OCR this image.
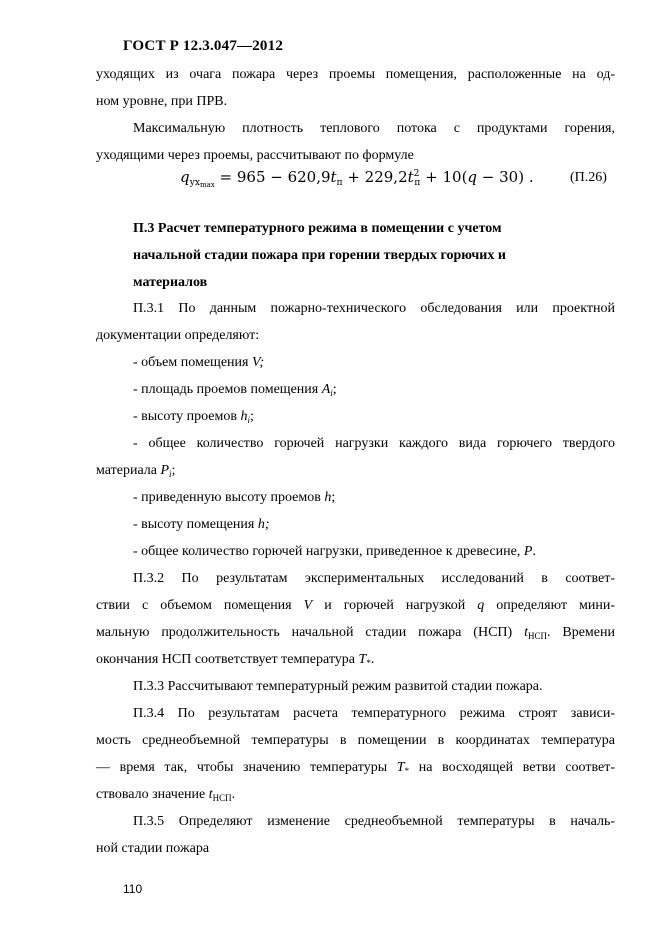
ГОСТ Р 12.3.047—2012
уходящих из очага пожара через проемы помещения, расположенные на од-
ном уровне, при ПРВ.
Максимальную плотность теплового потока с продуктами горения,
уходящими через проемы, рассчитывают по формуле
$q_{ух_{max}} = 965 - 620,9t_п + 229,2t^2_п + 10(q - 30)$ .	(П.26)
П.3 Расчет температурного режима в помещении с учетом
начальной стадии пожара при горении твердых горючих и
материалов
П.3.1 По данным пожарно-технического обследования или проектной
документации определяют:
- объем помещения V;
- площадь проемов помещения $A_i$;
- высоту проемов $h_i$;
- общее количество горючей нагрузки каждого вида горючего твердого
материала $P_i$;
- приведенную высоту проемов h;
- высоту помещения h;
- общее количество горючей нагрузки, приведенное к древесине, P.
П.3.2 По результатам экспериментальных исследований в соответ-
ствии с объемом помещения V и горючей нагрузкой q определяют мини-
мальную продолжительность начальной стадии пожара (НСП) $t_{НСП}$. Времени
окончания НСП соответствует температура $T_*$.
П.3.3 Рассчитывают температурный режим развитой стадии пожара.
П.3.4 По результатам расчета температурного режима строят зависи-
мость среднеобъемной температуры в помещении в координатах температура
— время так, чтобы значению температуры $T_*$ на восходящей ветви соответ-
ствовало значение $t_{НСП}$.
П.3.5 Определяют изменение среднеобъемной температуры в началь-
ной стадии пожара
110
